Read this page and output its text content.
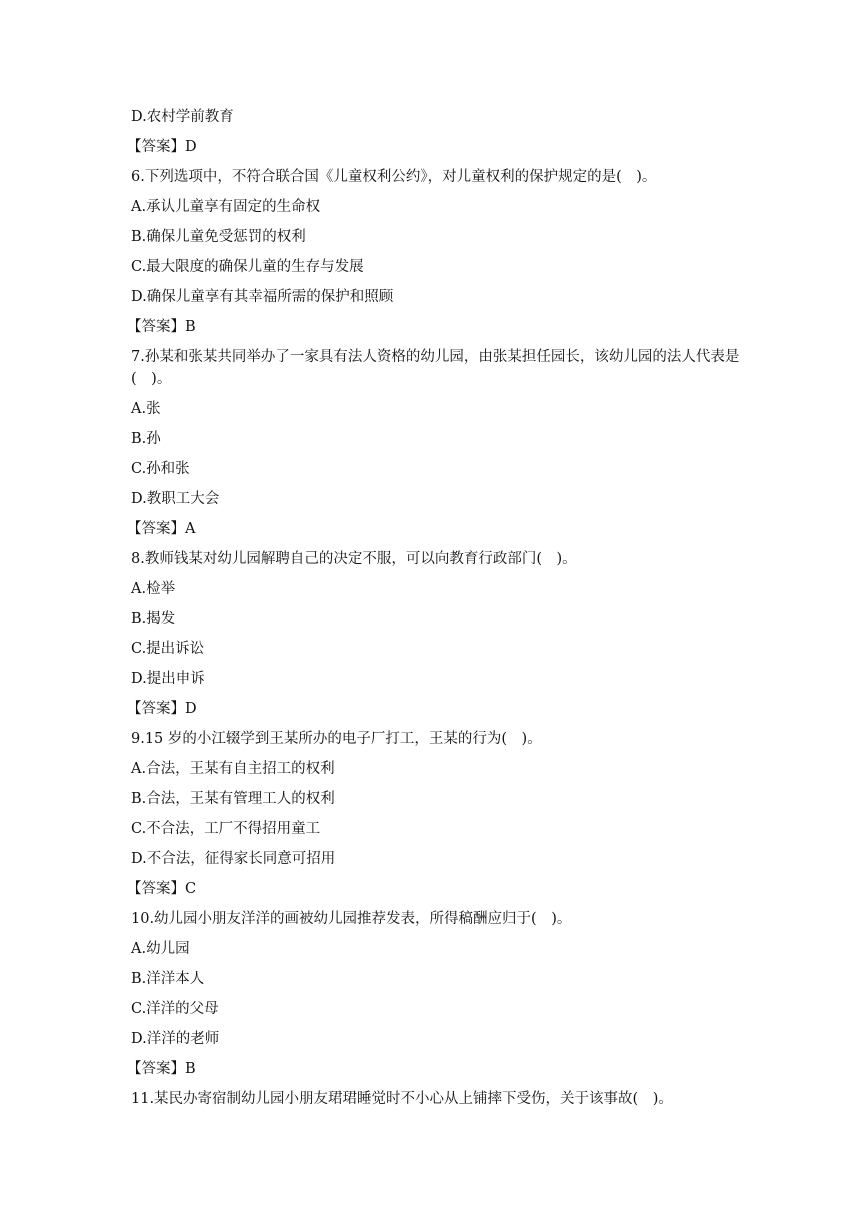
D.农村学前教育
【答案】D
6.下列选项中，不符合联合国《儿童权利公约》，对儿童权利的保护规定的是(　)。
A.承认儿童享有固定的生命权
B.确保儿童免受惩罚的权利
C.最大限度的确保儿童的生存与发展
D.确保儿童享有其幸福所需的保护和照顾
【答案】B
7.孙某和张某共同举办了一家具有法人资格的幼儿园，由张某担任园长，该幼儿园的法人代表是(　)。
A.张
B.孙
C.孙和张
D.教职工大会
【答案】A
8.教师钱某对幼儿园解聘自己的决定不服，可以向教育行政部门(　)。
A.检举
B.揭发
C.提出诉讼
D.提出申诉
【答案】D
9.15 岁的小江辍学到王某所办的电子厂打工，王某的行为(　)。
A.合法，王某有自主招工的权利
B.合法，王某有管理工人的权利
C.不合法，工厂不得招用童工
D.不合法，征得家长同意可招用
【答案】C
10.幼儿园小朋友洋洋的画被幼儿园推荐发表，所得稿酬应归于(　)。
A.幼儿园
B.洋洋本人
C.洋洋的父母
D.洋洋的老师
【答案】B
11.某民办寄宿制幼儿园小朋友珺珺睡觉时不小心从上铺摔下受伤，关于该事故(　)。
